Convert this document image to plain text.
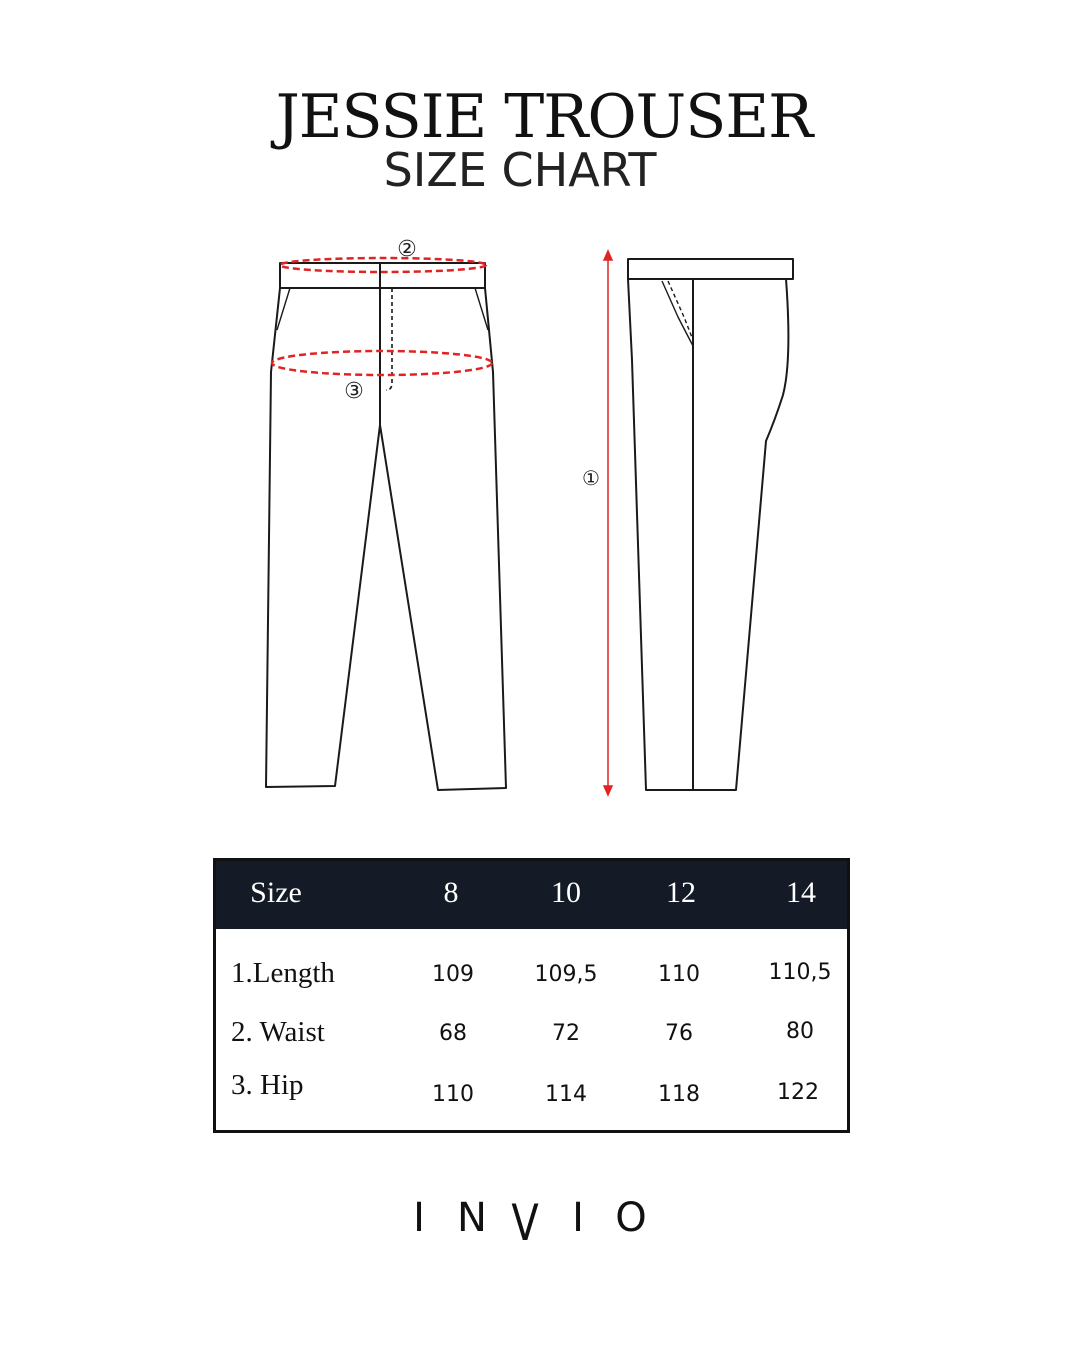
JESSIE TROUSER
SIZE CHART
②
③
①
Size	8	10	12	14
1.Length	109	109,5	110	110,5
2. Waist	68	72	76	80
3. Hip	110	114	118	122
I N V I O
